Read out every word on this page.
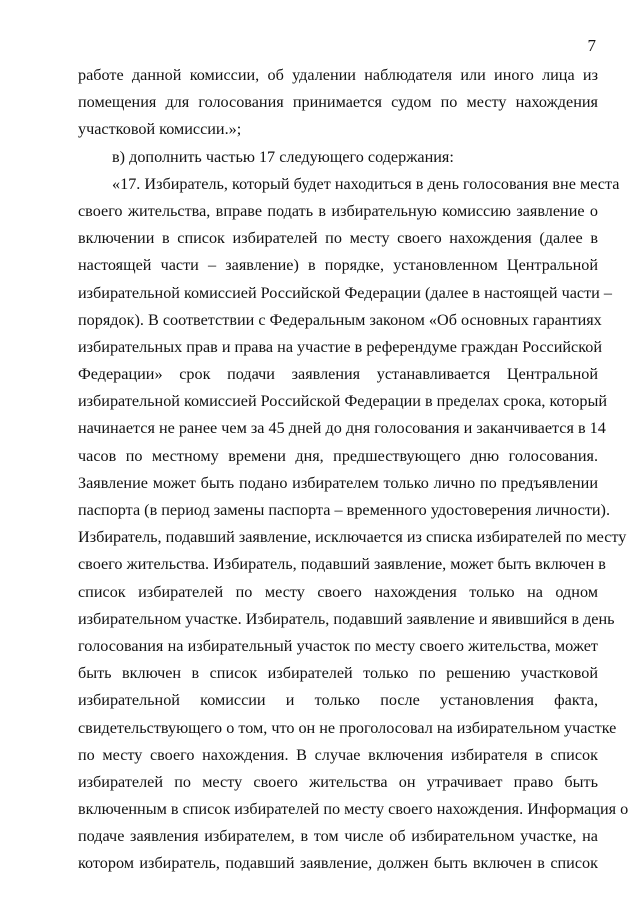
7
работе данной комиссии, об удалении наблюдателя или иного лица из
помещения для голосования принимается судом по месту нахождения
участковой комиссии.»;
в) дополнить частью 17 следующего содержания:
«17. Избиратель, который будет находиться в день голосования вне места
своего жительства, вправе подать в избирательную комиссию заявление о
включении в список избирателей по месту своего нахождения (далее в
настоящей части – заявление) в порядке, установленном Центральной
избирательной комиссией Российской Федерации (далее в настоящей части –
порядок). В соответствии с Федеральным законом «Об основных гарантиях
избирательных прав и права на участие в референдуме граждан Российской
Федерации» срок подачи заявления устанавливается Центральной
избирательной комиссией Российской Федерации в пределах срока, который
начинается не ранее чем за 45 дней до дня голосования и заканчивается в 14
часов по местному времени дня, предшествующего дню голосования.
Заявление может быть подано избирателем только лично по предъявлении
паспорта (в период замены паспорта – временного удостоверения личности).
Избиратель, подавший заявление, исключается из списка избирателей по месту
своего жительства. Избиратель, подавший заявление, может быть включен в
список избирателей по месту своего нахождения только на одном
избирательном участке. Избиратель, подавший заявление и явившийся в день
голосования на избирательный участок по месту своего жительства, может
быть включен в список избирателей только по решению участковой
избирательной комиссии и только после установления факта,
свидетельствующего о том, что он не проголосовал на избирательном участке
по месту своего нахождения. В случае включения избирателя в список
избирателей по месту своего жительства он утрачивает право быть
включенным в список избирателей по месту своего нахождения. Информация о
подаче заявления избирателем, в том числе об избирательном участке, на
котором избиратель, подавший заявление, должен быть включен в список
